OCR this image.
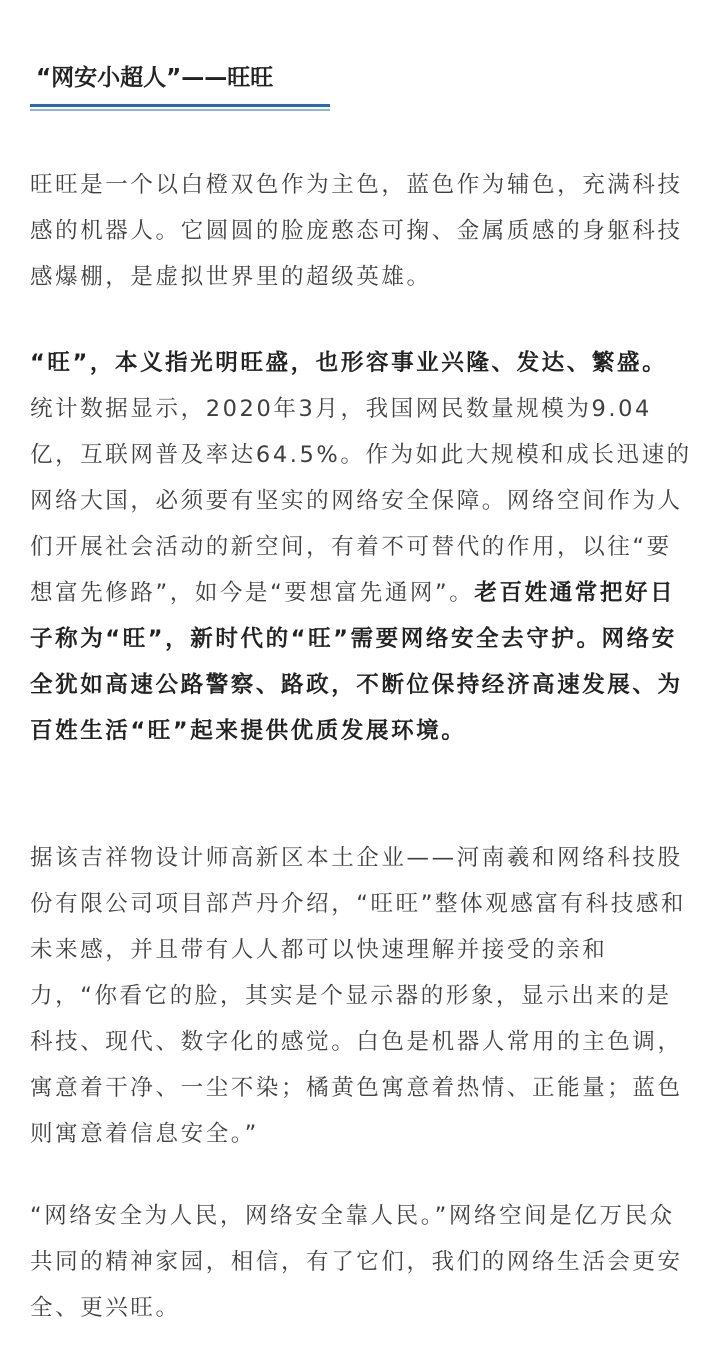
“网安小超人”——旺旺

旺旺是一个以白橙双色作为主色，蓝色作为辅色，充满科技感的机器人。它圆圆的脸庞憨态可掬、金属质感的身躯科技感爆棚，是虚拟世界里的超级英雄。

“旺”，本义指光明旺盛，也形容事业兴隆、发达、繁盛。统计数据显示，2020年3月，我国网民数量规模为9.04亿，互联网普及率达64.5%。作为如此大规模和成长迅速的网络大国，必须要有坚实的网络安全保障。网络空间作为人们开展社会活动的新空间，有着不可替代的作用，以往“要想富先修路”，如今是“要想富先通网”。老百姓通常把好日子称为“旺”，新时代的“旺”需要网络安全去守护。网络安全犹如高速公路警察、路政，不断位保持经济高速发展、为百姓生活“旺”起来提供优质发展环境。

据该吉祥物设计师高新区本土企业——河南羲和网络科技股份有限公司项目部芦丹介绍，“旺旺”整体观感富有科技感和未来感，并且带有人人都可以快速理解并接受的亲和力，“你看它的脸，其实是个显示器的形象，显示出来的是科技、现代、数字化的感觉。白色是机器人常用的主色调，寓意着干净、一尘不染；橘黄色寓意着热情、正能量；蓝色则寓意着信息安全。”

“网络安全为人民，网络安全靠人民。”网络空间是亿万民众共同的精神家园，相信，有了它们，我们的网络生活会更安全、更兴旺。
